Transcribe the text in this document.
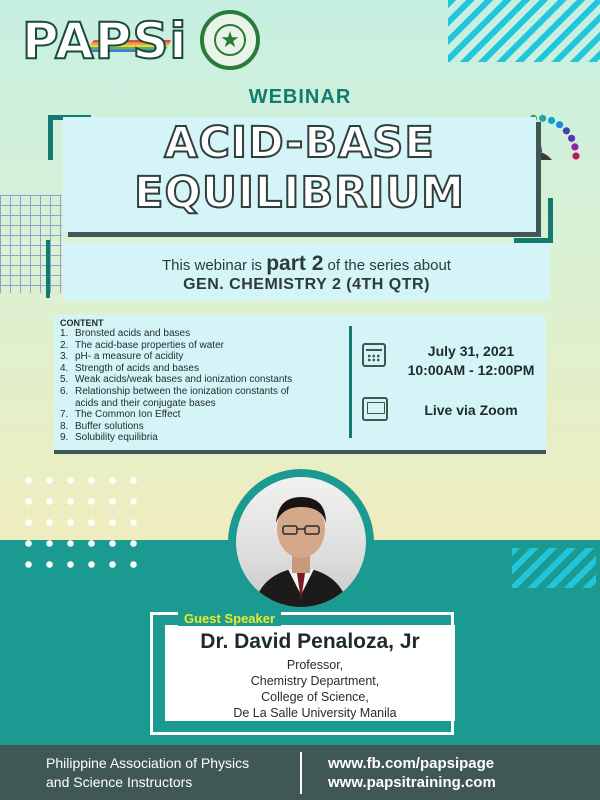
PAPSi ★
WEBINAR
ACID-BASE
EQUILIBRIUM
This webinar is part 2 of the series about
GEN. CHEMISTRY 2 (4TH QTR)
CONTENT
1. Bronsted acids and bases
2. The acid-base properties of water
3. pH- a measure of acidity
4. Strength of acids and bases
5. Weak acids/weak bases and ionization constants
6. Relationship between the ionization constants of
acids and their conjugate bases
7. The Common Ion Effect
8. Buffer solutions
9. Solubility equilibria
July 31, 2021
10:00AM - 12:00PM
Live via Zoom
Guest Speaker
Dr. David Penaloza, Jr
Professor,
Chemistry Department,
College of Science,
De La Salle University Manila
Philippine Association of Physics
and Science Instructors
www.fb.com/papsipage
www.papsitraining.com
